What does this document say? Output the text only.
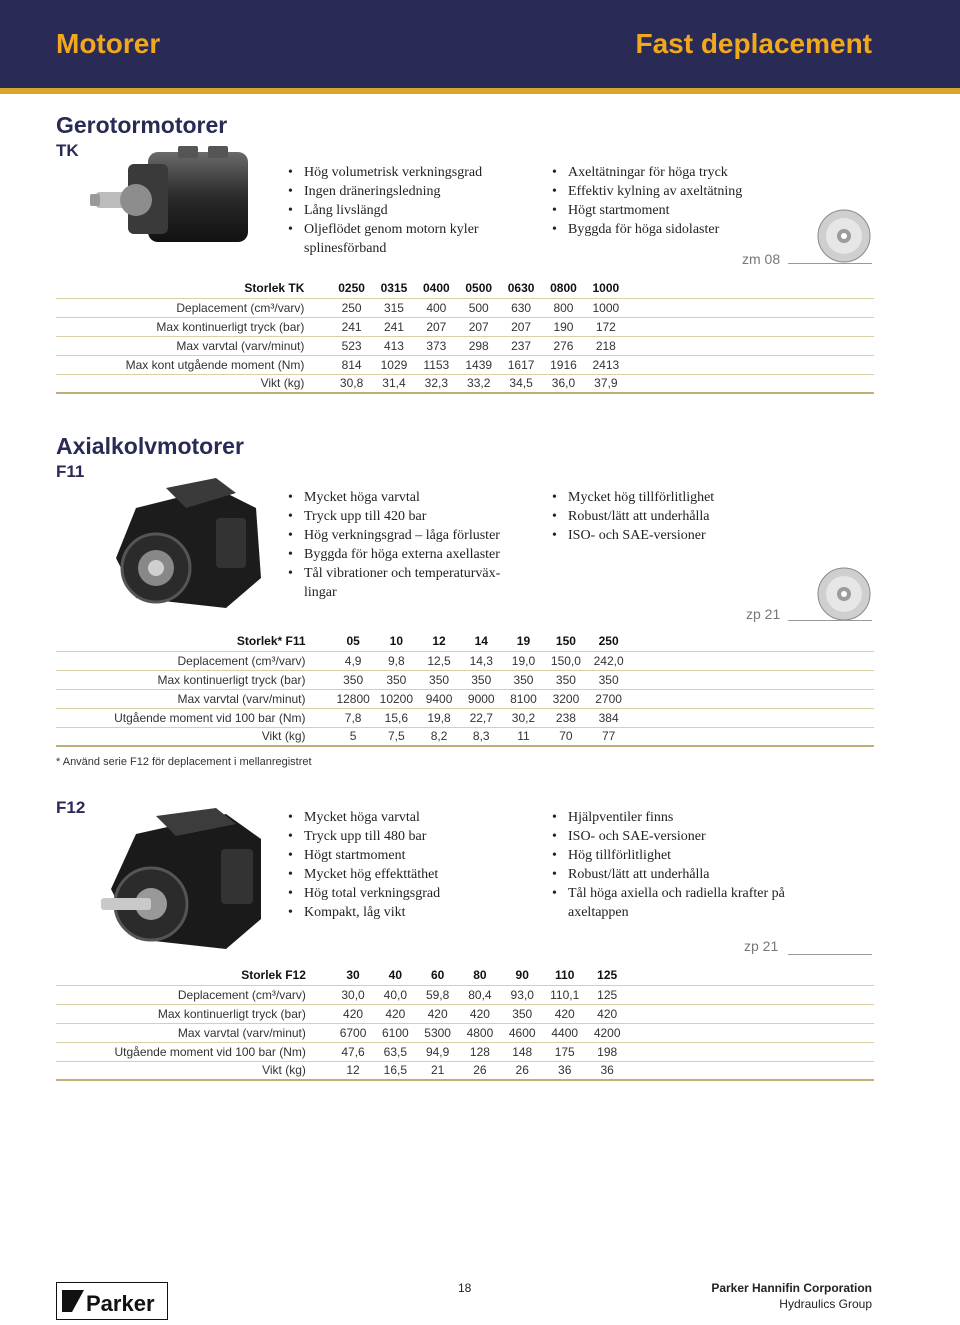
Motorer	Fast deplacement
Gerotormotorer
TK
• Hög volumetrisk verkningsgrad
• Ingen dräneringsledning
• Lång livslängd
• Oljeflödet genom motorn kyler splinesförband
• Axeltätningar för höga tryck
• Effektiv kylning av axeltätning
• Högt startmoment
• Byggda för höga sidolaster
zm 08
Storlek TK	0250	0315	0400	0500	0630	0800	1000	
Deplacement (cm³/varv)	250	315	400	500	630	800	1000	
Max kontinuerligt tryck (bar)	241	241	207	207	207	190	172	
Max varvtal (varv/minut)	523	413	373	298	237	276	218	
Max kont utgående moment (Nm)	814	1029	1153	1439	1617	1916	2413	
Vikt (kg)	30,8	31,4	32,3	33,2	34,5	36,0	37,9	
Axialkolvmotorer
F11
• Mycket höga varvtal
• Tryck upp till 420 bar
• Hög verkningsgrad – låga förluster
• Byggda för höga externa axellaster
• Tål vibrationer och temperaturväx-lingar
• Mycket hög tillförlitlighet
• Robust/lätt att underhålla
• ISO- och SAE-versioner
zp 21
Storlek* F11	05	10	12	14	19	150	250	
Deplacement (cm³/varv)	4,9	9,8	12,5	14,3	19,0	150,0	242,0	
Max kontinuerligt tryck (bar)	350	350	350	350	350	350	350	
Max varvtal (varv/minut)	12800	10200	9400	9000	8100	3200	2700	
Utgående moment vid 100 bar (Nm)	7,8	15,6	19,8	22,7	30,2	238	384	
Vikt (kg)	5	7,5	8,2	8,3	11	70	77	
* Använd serie F12 för deplacement i mellanregistret
F12
• Mycket höga varvtal
• Tryck upp till 480 bar
• Högt startmoment
• Mycket hög effekttäthet
• Hög total verkningsgrad
• Kompakt, låg vikt
• Hjälpventiler finns
• ISO- och SAE-versioner
• Hög tillförlitlighet
• Robust/lätt att underhålla
• Tål höga axiella och radiella krafter på axeltappen
zp 21
Storlek F12	30	40	60	80	90	110	125	
Deplacement (cm³/varv)	30,0	40,0	59,8	80,4	93,0	110,1	125	
Max kontinuerligt tryck (bar)	420	420	420	420	350	420	420	
Max varvtal (varv/minut)	6700	6100	5300	4800	4600	4400	4200	
Utgående moment vid 100 bar (Nm)	47,6	63,5	94,9	128	148	175	198	
Vikt (kg)	12	16,5	21	26	26	36	36	
Parker
18	Parker Hannifin Corporation
Hydraulics Group
